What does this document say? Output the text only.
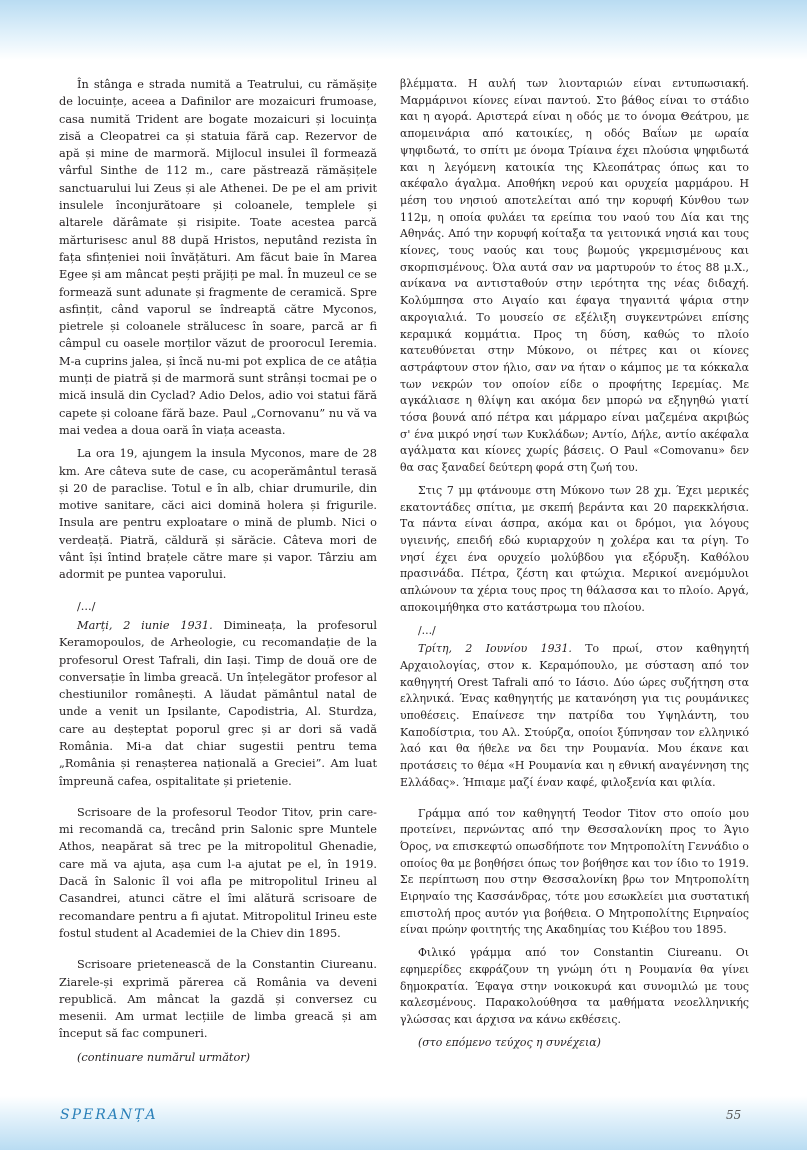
În stânga e strada numită a Teatrului, cu rămășițe de locuințe, aceea a Dafinilor are mozaicuri frumoase, casa numită Trident are bogate mozaicuri și locuința zisă a Cleopatrei ca și statuia fără cap. Rezervor de apă și mine de marmoră. Mijlocul insulei îl formează vârful Sinthe de 112 m., care păstrează rămășițele sanctuarului lui Zeus și ale Athenei. De pe el am privit insulele înconjurătoare și coloanele, templele și altarele dărâmate și risipite. Toate acestea parcă mărturisesc anul 88 după Hristos, neputând rezista în fața sfințeniei noii învățături. Am făcut baie în Marea Egee și am mâncat pești prăjiți pe mal. În muzeul ce se formează sunt adunate și fragmente de ceramică. Spre asfințit, când vaporul se îndreaptă către Myconos, pietrele și coloanele strălucesc în soare, parcă ar fi câmpul cu oasele morților văzut de proorocul Ieremia. M-a cuprins jalea, și încă nu-mi pot explica de ce atâția munți de piatră și de marmoră sunt strânși tocmai pe o mică insulă din Cyclad? Adio Delos, adio voi statui fără capete și coloane fără baze. Paul „Cornovanu” nu vă va mai vedea a doua oară în viața aceasta.

La ora 19, ajungem la insula Myconos, mare de 28 km. Are câteva sute de case, cu acoperământul terasă și 20 de paraclise. Totul e în alb, chiar drumurile, din motive sanitare, căci aici domină holera și frigurile. Insula are pentru exploatare o mină de plumb. Nici o verdeață. Piatră, căldură și sărăcie. Câteva mori de vânt își întind brațele către mare și vapor. Târziu am adormit pe puntea vaporului.

/.../

Marți, 2 iunie 1931. Dimineața, la profesorul Keramopoulos, de Arheologie, cu recomandație de la profesorul Orest Tafrali, din Iași. Timp de două ore de conversație în limba greacă. Un înțelegător profesor al chestiunilor românești. A lăudat pământul natal de unde a venit un Ipsilante, Capodistria, Al. Sturdza, care au deșteptat poporul grec și ar dori să vadă România. Mi-a dat chiar sugestii pentru tema „România și renașterea națională a Greciei”. Am luat împreună cafea, ospitalitate și prietenie.

Scrisoare de la profesorul Teodor Titov, prin care-mi recomandă ca, trecând prin Salonic spre Muntele Athos, neapărat să trec pe la mitropolitul Ghenadie, care mă va ajuta, așa cum l-a ajutat pe el, în 1919. Dacă în Salonic îl voi afla pe mitropolitul Irineu al Casandrei, atunci către el îmi alătură scrisoare de recomandare pentru a fi ajutat. Mitropolitul Irineu este fostul student al Academiei de la Chiev din 1895.

Scrisoare prietenească de la Constantin Ciureanu. Ziarele-și exprimă părerea că România va deveni republică. Am mâncat la gazdă și conversez cu mesenii. Am urmat lecțiile de limba greacă și am început să fac compuneri.

(continuare numărul următor)

βλέμματα. Η αυλή των λιονταριών είναι εντυπωσιακή. Μαρμάρινοι κίονες είναι παντού. Στο βάθος είναι το στάδιο και η αγορά. Αριστερά είναι η οδός με το όνομα Θεάτρου, με απομεινάρια από κατοικίες, η οδός Βαΐων με ωραία ψηφιδωτά, το σπίτι με όνομα Τρίαινα έχει πλούσια ψηφιδωτά και η λεγόμενη κατοικία της Κλεοπάτρας όπως και το ακέφαλο άγαλμα. Αποθήκη νερού και ορυχεία μαρμάρου. Η μέση του νησιού αποτελείται από την κορυφή Κύνθου των 112μ, η οποία φυλάει τα ερείπια του ναού του Δία και της Αθηνάς. Από την κορυφή κοίταξα τα γειτονικά νησιά και τους κίονες, τους ναούς και τους βωμούς γκρεμισμένους και σκορπισμένους. Όλα αυτά σαν να μαρτυρούν το έτος 88 μ.Χ., ανίκανα να αντισταθούν στην ιερότητα της νέας διδαχή. Κολύμπησα στο Αιγαίο και έφαγα τηγανιτά ψάρια στην ακρογιαλιά. Το μουσείο σε εξέλιξη συγκεντρώνει επίσης κεραμικά κομμάτια. Προς τη δύση, καθώς το πλοίο κατευθύνεται στην Μύκονο, οι πέτρες και οι κίονες αστράφτουν στον ήλιο, σαν να ήταν ο κάμπος με τα κόκκαλα των νεκρών τον οποίον είδε ο προφήτης Ιερεμίας. Με αγκάλιασε η θλίψη και ακόμα δεν μπορώ να εξηγηθώ γιατί τόσα βουνά από πέτρα και μάρμαρο είναι μαζεμένα ακριβώς σ' ένα μικρό νησί των Κυκλάδων; Αντίο, Δήλε, αντίο ακέφαλα αγάλματα και κίονες χωρίς βάσεις. Ο Paul «Comovanu» δεν θα σας ξαναδεί δεύτερη φορά στη ζωή του.

Στις 7 μμ φτάνουμε στη Μύκονο των 28 χμ. Έχει μερικές εκατοντάδες σπίτια, με σκεπή βεράντα και 20 παρεκκλήσια. Τα πάντα είναι άσπρα, ακόμα και οι δρόμοι, για λόγους υγιεινής, επειδή εδώ κυριαρχούν η χολέρα και τα ρίγη. Το νησί έχει ένα ορυχείο μολύβδου για εξόρυξη. Καθόλου πρασινάδα. Πέτρα, ζέστη και φτώχια. Μερικοί ανεμόμυλοι απλώνουν τα χέρια τους προς τη θάλασσα και το πλοίο. Αργά, αποκοιμήθηκα στο κατάστρωμα του πλοίου.

/.../

Τρίτη, 2 Ιουνίου 1931. Το πρωί, στον καθηγητή Αρχαιολογίας, στον κ. Κεραμόπουλο, με σύσταση από τον καθηγητή Orest Tafrali από το Ιάσιο. Δύο ώρες συζήτηση στα ελληνικά. Ένας καθηγητής με κατανόηση για τις ρουμάνικες υποθέσεις. Επαίνεσε την πατρίδα του Υψηλάντη, του Καποδίστρια, του Αλ. Στούρζα, οποίοι ξύπνησαν τον ελληνικό λαό και θα ήθελε να δει την Ρουμανία. Μου έκανε και προτάσεις το θέμα «Η Ρουμανία και η εθνική αναγέννηση της Ελλάδας». Ήπιαμε μαζί έναν καφέ, φιλοξενία και φιλία.

Γράμμα από τον καθηγητή Teodor Titov στο οποίο μου προτείνει, περνώντας από την Θεσσαλονίκη προς το Άγιο Όρος, να επισκεφτώ οπωσδήποτε τον Μητροπολίτη Γεννάδιο ο οποίος θα με βοηθήσει όπως τον βοήθησε και τον ίδιο το 1919. Σε περίπτωση που στην Θεσσαλονίκη βρω τον Μητροπολίτη Ειρηναίο της Κασσάνδρας, τότε μου εσωκλείει μια συστατική επιστολή προς αυτόν για βοήθεια. Ο Μητροπολίτης Ειρηναίος είναι πρώην φοιτητής της Ακαδημίας του Κιέβου του 1895.

Φιλικό γράμμα από τον Constantin Ciureanu. Οι εφημερίδες εκφράζουν τη γνώμη ότι η Ρουμανία θα γίνει δημοκρατία. Έφαγα στην νοικοκυρά και συνομιλώ με τους καλεσμένους. Παρακολούθησα τα μαθήματα νεοελληνικής γλώσσας και άρχισα να κάνω εκθέσεις.

(στο επόμενο τεύχος η συνέχεια)

SPERANȚA	55
